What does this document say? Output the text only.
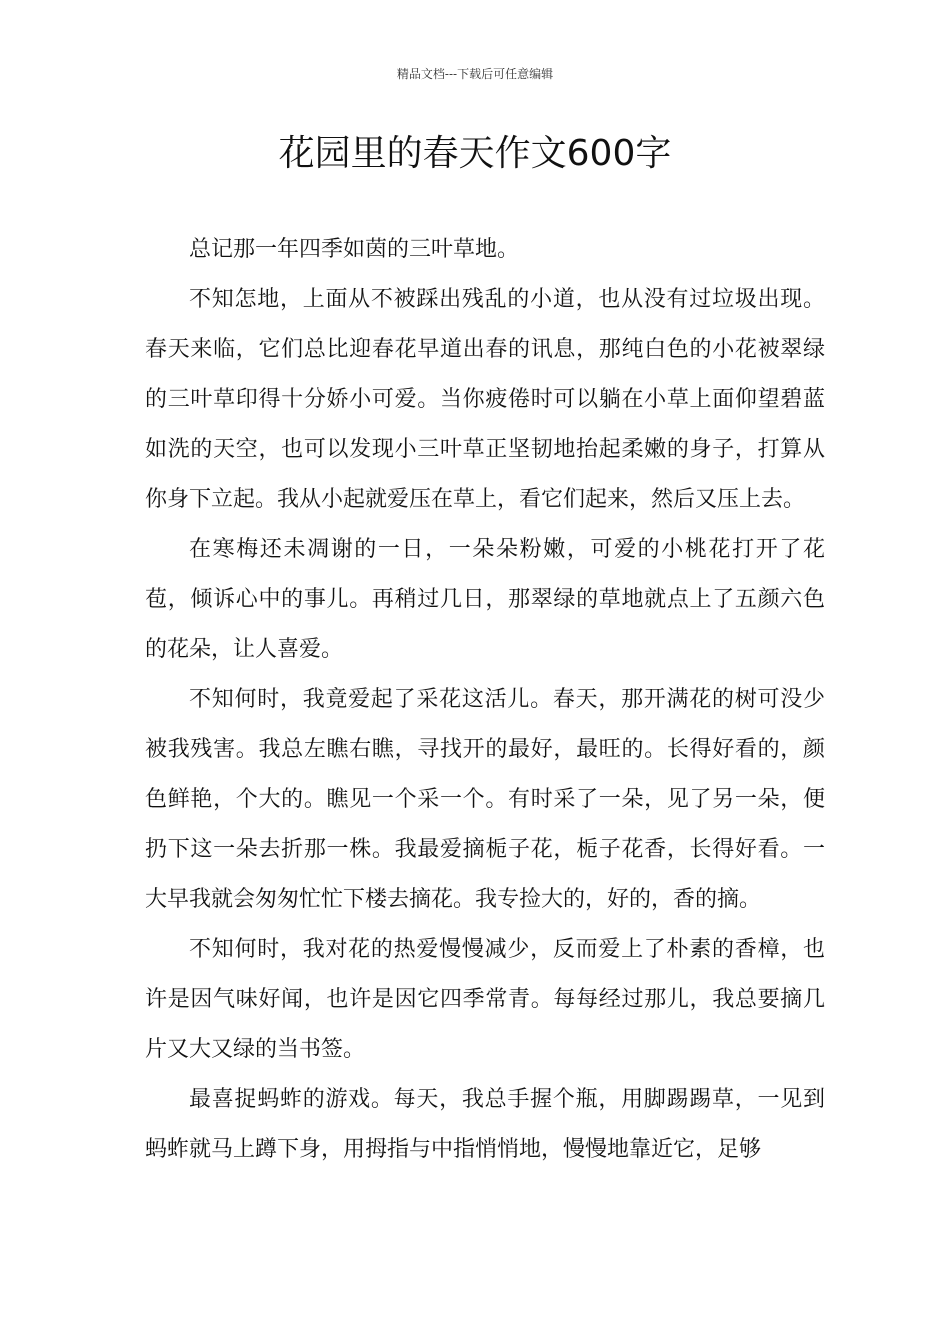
精品文档---下载后可任意编辑
花园里的春天作文600字

总记那一年四季如茵的三叶草地。

不知怎地，上面从不被踩出残乱的小道，也从没有过垃圾出现。春天来临，它们总比迎春花早道出春的讯息，那纯白色的小花被翠绿的三叶草印得十分娇小可爱。当你疲倦时可以躺在小草上面仰望碧蓝如洗的天空，也可以发现小三叶草正坚韧地抬起柔嫩的身子，打算从你身下立起。我从小起就爱压在草上，看它们起来，然后又压上去。

在寒梅还未凋谢的一日，一朵朵粉嫩，可爱的小桃花打开了花苞，倾诉心中的事儿。再稍过几日，那翠绿的草地就点上了五颜六色的花朵，让人喜爱。

不知何时，我竟爱起了采花这活儿。春天，那开满花的树可没少被我残害。我总左瞧右瞧，寻找开的最好，最旺的。长得好看的，颜色鲜艳，个大的。瞧见一个采一个。有时采了一朵，见了另一朵，便扔下这一朵去折那一株。我最爱摘栀子花，栀子花香，长得好看。一大早我就会匆匆忙忙下楼去摘花。我专捡大的，好的，香的摘。

不知何时，我对花的热爱慢慢减少，反而爱上了朴素的香樟，也许是因气味好闻，也许是因它四季常青。每每经过那儿，我总要摘几片又大又绿的当书签。

最喜捉蚂蚱的游戏。每天，我总手握个瓶，用脚踢踢草，一见到蚂蚱就马上蹲下身，用拇指与中指悄悄地，慢慢地靠近它，足够
